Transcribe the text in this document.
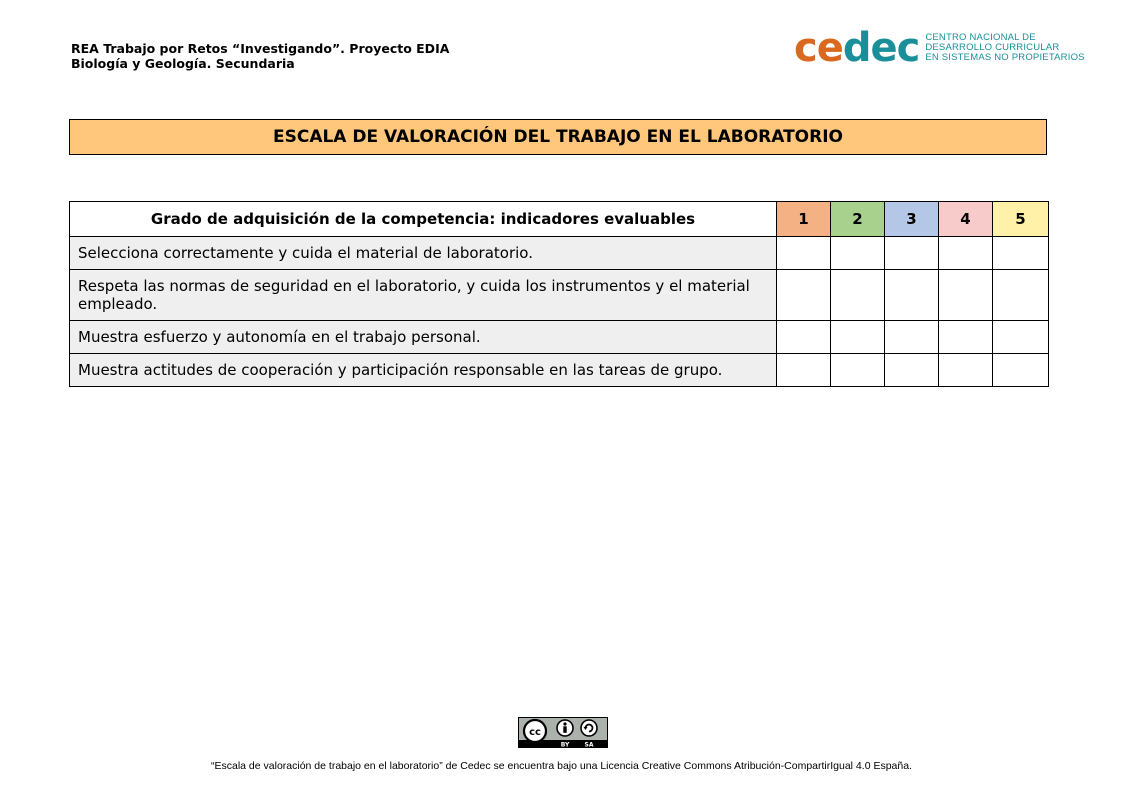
REA Trabajo por Retos “Investigando”. Proyecto EDIA
Biología y Geología. Secundaria	cedec CENTRO NACIONAL DE
DESARROLLO CURRICULAR
EN SISTEMAS NO PROPIETARIOS
ESCALA DE VALORACIÓN DEL TRABAJO EN EL LABORATORIO
Grado de adquisición de la competencia: indicadores evaluables	1	2	3	4	5
Selecciona correctamente y cuida el material de laboratorio.					
Respeta las normas de seguridad en el laboratorio, y cuida los instrumentos y el material empleado.					
Muestra esfuerzo y autonomía en el trabajo personal.					
Muestra actitudes de cooperación y participación responsable en las tareas de grupo.					
cc
BY	SA
“Escala de valoración de trabajo en el laboratorio” de Cedec se encuentra bajo una Licencia Creative Commons Atribución-CompartirIgual 4.0 España.
